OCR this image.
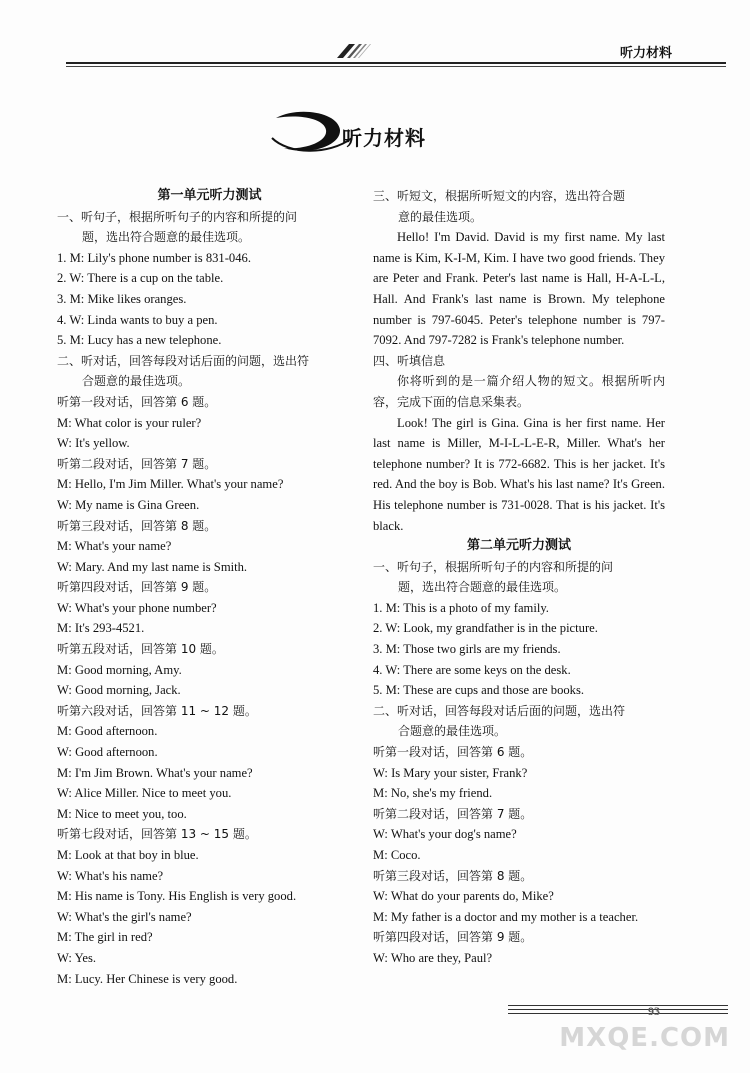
听力材料
听力材料
第一单元听力测试
一、听句子，根据所听句子的内容和所提的问
题，选出符合题意的最佳选项。
1. M: Lily's phone number is 831-046.
2. W: There is a cup on the table.
3. M: Mike likes oranges.
4. W: Linda wants to buy a pen.
5. M: Lucy has a new telephone.
二、听对话，回答每段对话后面的问题，选出符
合题意的最佳选项。
听第一段对话，回答第 6 题。
M: What color is your ruler?
W: It's yellow.
听第二段对话，回答第 7 题。
M: Hello, I'm Jim Miller. What's your name?
W: My name is Gina Green.
听第三段对话，回答第 8 题。
M: What's your name?
W: Mary. And my last name is Smith.
听第四段对话，回答第 9 题。
W: What's your phone number?
M: It's 293-4521.
听第五段对话，回答第 10 题。
M: Good morning, Amy.
W: Good morning, Jack.
听第六段对话，回答第 11 ~ 12 题。
M: Good afternoon.
W: Good afternoon.
M: I'm Jim Brown. What's your name?
W: Alice Miller. Nice to meet you.
M: Nice to meet you, too.
听第七段对话，回答第 13 ~ 15 题。
M: Look at that boy in blue.
W: What's his name?
M: His name is Tony. His English is very good.
W: What's the girl's name?
M: The girl in red?
W: Yes.
M: Lucy. Her Chinese is very good.
三、听短文，根据所听短文的内容，选出符合题
意的最佳选项。
Hello! I'm David. David is my first name. My last name is Kim, K-I-M, Kim. I have two good friends. They are Peter and Frank. Peter's last name is Hall, H-A-L-L, Hall. And Frank's last name is Brown. My telephone number is 797-6045. Peter's telephone number is 797-7092. And 797-7282 is Frank's telephone number.
四、听填信息
你将听到的是一篇介绍人物的短文。根据所听内容，完成下面的信息采集表。
Look! The girl is Gina. Gina is her first name. Her last name is Miller, M-I-L-L-E-R, Miller. What's her telephone number? It is 772-6682. This is her jacket. It's red. And the boy is Bob. What's his last name? It's Green. His telephone number is 731-0028. That is his jacket. It's black.
第二单元听力测试
一、听句子，根据所听句子的内容和所提的问
题，选出符合题意的最佳选项。
1. M: This is a photo of my family.
2. W: Look, my grandfather is in the picture.
3. M: Those two girls are my friends.
4. W: There are some keys on the desk.
5. M: These are cups and those are books.
二、听对话，回答每段对话后面的问题，选出符
合题意的最佳选项。
听第一段对话，回答第 6 题。
W: Is Mary your sister, Frank?
M: No, she's my friend.
听第二段对话，回答第 7 题。
W: What's your dog's name?
M: Coco.
听第三段对话，回答第 8 题。
W: What do your parents do, Mike?
M: My father is a doctor and my mother is a teacher.
听第四段对话，回答第 9 题。
W: Who are they, Paul?
93
MXQE.COM
